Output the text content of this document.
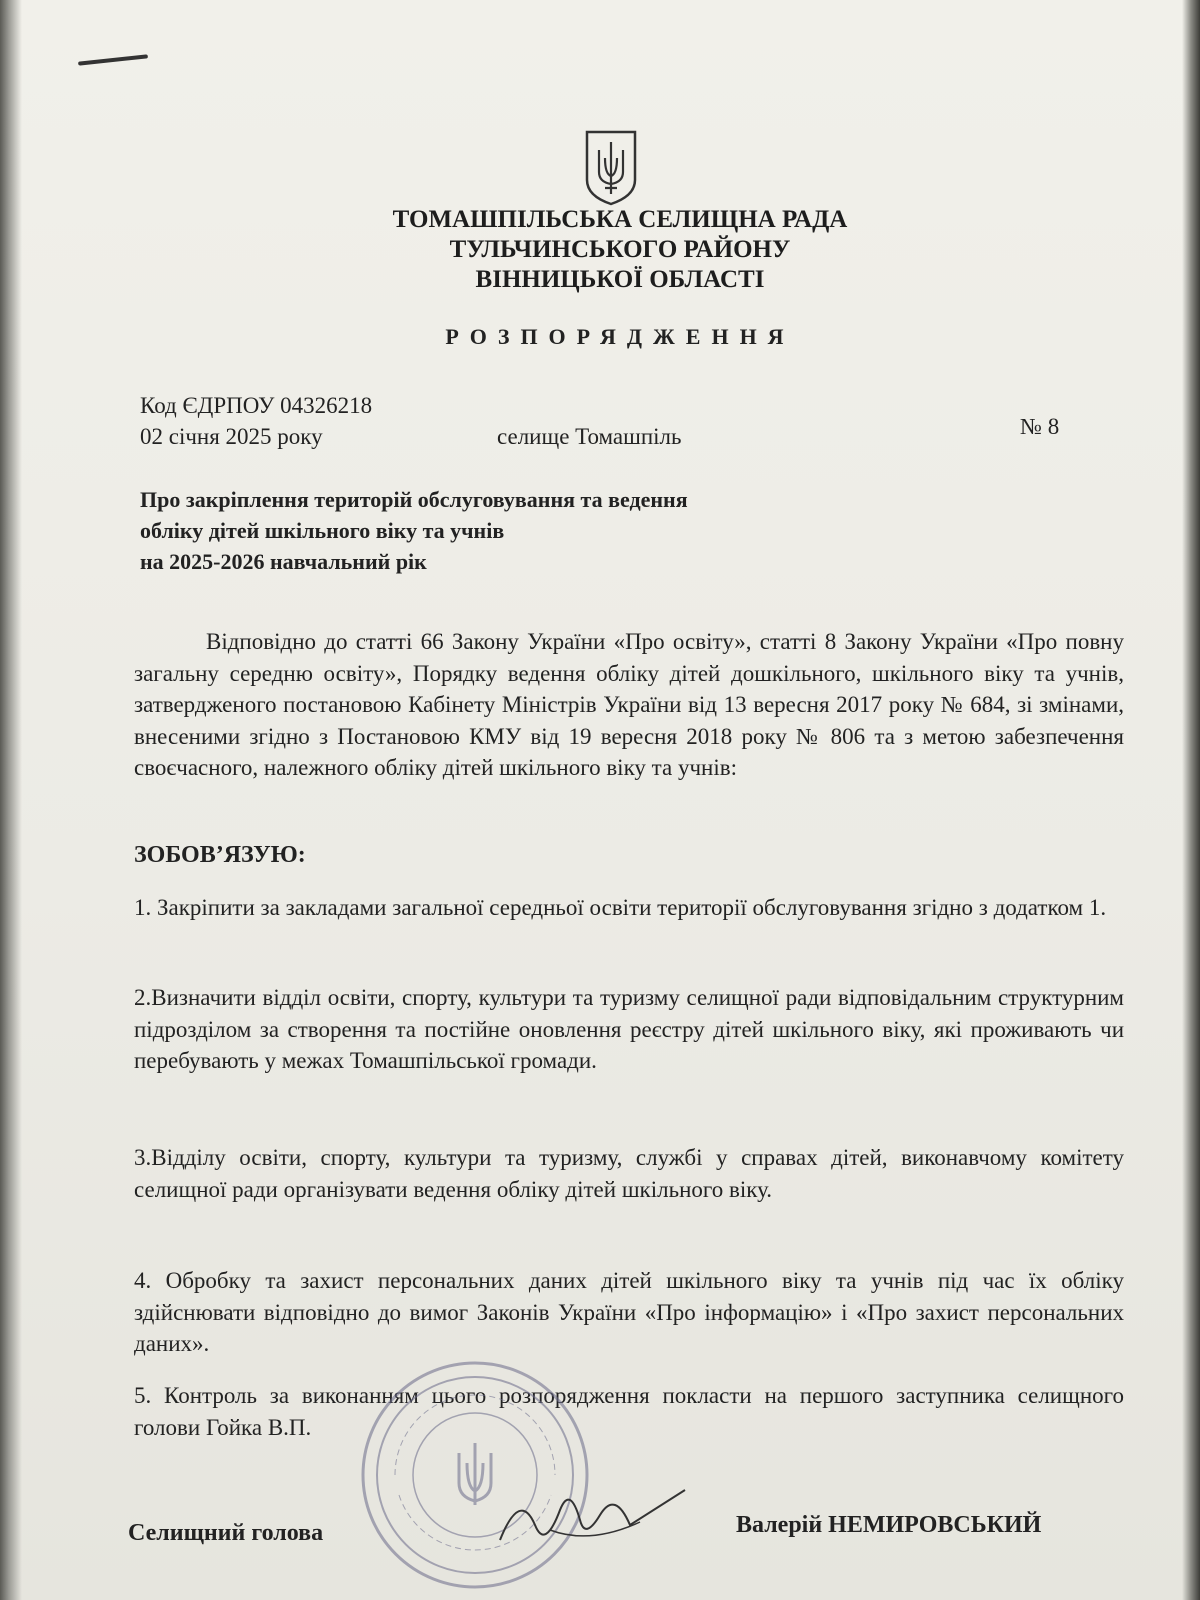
ТОМАШПІЛЬСЬКА СЕЛИЩНА РАДА
ТУЛЬЧИНСЬКОГО РАЙОНУ
ВІННИЦЬКОЇ ОБЛАСТІ
РОЗПОРЯДЖЕННЯ
Код ЄДРПОУ 04326218
02 січня 2025 року	селище Томашпіль	№ 8
Про закріплення територій обслуговування та ведення
обліку дітей шкільного віку та учнів
на 2025-2026 навчальний рік
Відповідно до статті 66 Закону України «Про освіту», статті 8 Закону України «Про повну загальну середню освіту», Порядку ведення обліку дітей дошкільного, шкільного віку та учнів, затвердженого постановою Кабінету Міністрів України від 13 вересня 2017 року № 684, зі змінами, внесеними згідно з Постановою КМУ від 19 вересня 2018 року № 806 та з метою забезпечення своєчасного, належного обліку дітей шкільного віку та учнів:
ЗОБОВ’ЯЗУЮ:
1. Закріпити за закладами загальної середньої освіти території обслуговування згідно з додатком 1.
2.Визначити відділ освіти, спорту, культури та туризму селищної ради відповідальним структурним підрозділом за створення та постійне оновлення реєстру дітей шкільного віку, які проживають чи перебувають у межах Томашпільської громади.
3.Відділу освіти, спорту, культури та туризму, службі у справах дітей, виконавчому комітету селищної ради організувати ведення обліку дітей шкільного віку.
4. Обробку та захист персональних даних дітей шкільного віку та учнів під час їх обліку здійснювати відповідно до вимог Законів України «Про інформацію» і «Про захист персональних даних».
5. Контроль за виконанням цього розпорядження покласти на першого заступника селищного голови Гойка В.П.
Селищний голова	Валерій НЕМИРОВСЬКИЙ
